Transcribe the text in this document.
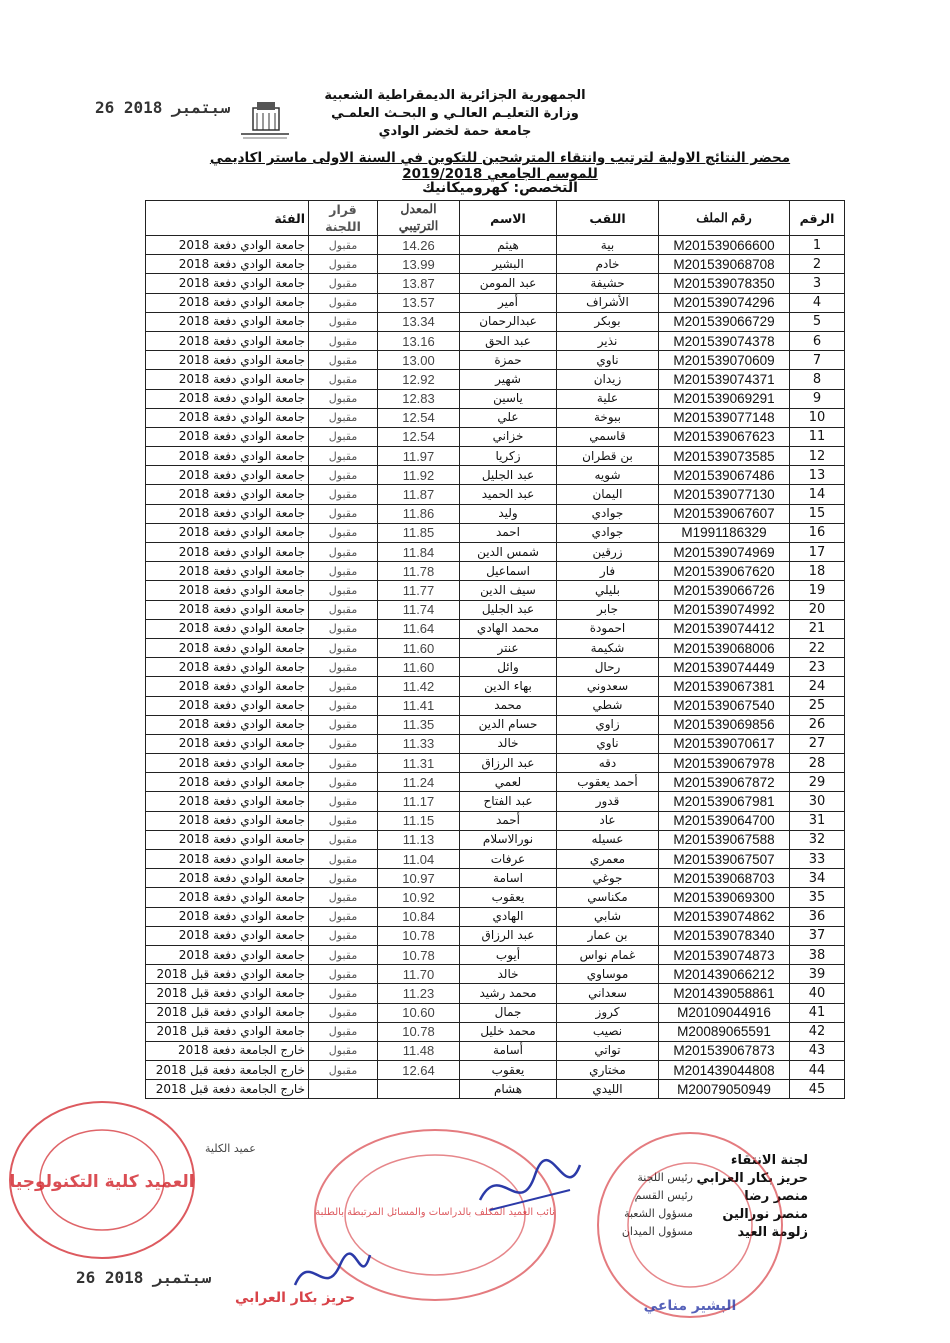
الجمهورية الجزائرية الديمقراطية الشعبية
وزارة التعليـم العالـي و البحـث العلمـي
جامعة حمة لخضر الوادي
26 سبتمبر 2018
محضر النتائج الاولية لترتيب وانتقاء المترشحين للتكوين في السنة الاولى ماستر اكاديمي للموسم الجامعي 2019/2018
التخصص: كهروميكانيك
الرقم	رقم الملف	اللقب	الاسم	المعدل الترتيبي	قرار اللجنة	الفئة
1	M201539066600	بية	هيثم	14.26	مقبول	جامعة الوادي دفعة 2018
2	M201539068708	خادم	البشير	13.99	مقبول	جامعة الوادي دفعة 2018
3	M201539078350	حشيفة	عبد المومن	13.87	مقبول	جامعة الوادي دفعة 2018
4	M201539074296	الأشراف	أمير	13.57	مقبول	جامعة الوادي دفعة 2018
5	M201539066729	بوبكر	عبدالرحمان	13.34	مقبول	جامعة الوادي دفعة 2018
6	M201539074378	نذير	عبد الحق	13.16	مقبول	جامعة الوادي دفعة 2018
7	M201539070609	ناوي	حمزة	13.00	مقبول	جامعة الوادي دفعة 2018
8	M201539074371	زيدان	شهير	12.92	مقبول	جامعة الوادي دفعة 2018
9	M201539069291	علية	ياسين	12.83	مقبول	جامعة الوادي دفعة 2018
10	M201539077148	ببوخة	علي	12.54	مقبول	جامعة الوادي دفعة 2018
11	M201539067623	قاسمي	خزاني	12.54	مقبول	جامعة الوادي دفعة 2018
12	M201539073585	بن قطران	زكريا	11.97	مقبول	جامعة الوادي دفعة 2018
13	M201539067486	شويه	عبد الجليل	11.92	مقبول	جامعة الوادي دفعة 2018
14	M201539077130	اليمان	عبد الحميد	11.87	مقبول	جامعة الوادي دفعة 2018
15	M201539067607	جوادي	وليد	11.86	مقبول	جامعة الوادي دفعة 2018
16	M1991186329	جوادي	احمد	11.85	مقبول	جامعة الوادي دفعة 2018
17	M201539074969	زرقين	شمس الدين	11.84	مقبول	جامعة الوادي دفعة 2018
18	M201539067620	فار	اسماعيل	11.78	مقبول	جامعة الوادي دفعة 2018
19	M201539066726	بليلي	سيف الدين	11.77	مقبول	جامعة الوادي دفعة 2018
20	M201539074992	جابر	عبد الجليل	11.74	مقبول	جامعة الوادي دفعة 2018
21	M201539074412	احمودة	محمد الهادي	11.64	مقبول	جامعة الوادي دفعة 2018
22	M201539068006	شكيمة	عنتر	11.60	مقبول	جامعة الوادي دفعة 2018
23	M201539074449	رحال	وائل	11.60	مقبول	جامعة الوادي دفعة 2018
24	M201539067381	سعدوني	بهاء الدين	11.42	مقبول	جامعة الوادي دفعة 2018
25	M201539067540	شطي	محمد	11.41	مقبول	جامعة الوادي دفعة 2018
26	M201539069856	زاوي	حسام الدين	11.35	مقبول	جامعة الوادي دفعة 2018
27	M201539070617	ناوي	خالد	11.33	مقبول	جامعة الوادي دفعة 2018
28	M201539067978	دقه	عبد الرزاق	11.31	مقبول	جامعة الوادي دفعة 2018
29	M201539067872	أحمد يعقوب	لعمي	11.24	مقبول	جامعة الوادي دفعة 2018
30	M201539067981	قدور	عبد الفتاح	11.17	مقبول	جامعة الوادي دفعة 2018
31	M201539064700	عاد	أحمد	11.15	مقبول	جامعة الوادي دفعة 2018
32	M201539067588	عسيله	نورالاسلام	11.13	مقبول	جامعة الوادي دفعة 2018
33	M201539067507	معمري	عرفات	11.04	مقبول	جامعة الوادي دفعة 2018
34	M201539068703	جوغي	اسامة	10.97	مقبول	جامعة الوادي دفعة 2018
35	M201539069300	مكناسي	يعقوب	10.92	مقبول	جامعة الوادي دفعة 2018
36	M201539074862	شابي	الهادي	10.84	مقبول	جامعة الوادي دفعة 2018
37	M201539078340	بن عمار	عبد الرزاق	10.78	مقبول	جامعة الوادي دفعة 2018
38	M201539074873	غمام نواس	أيوب	10.78	مقبول	جامعة الوادي دفعة 2018
39	M201439066212	موساوي	خالد	11.70	مقبول	جامعة الوادي دفعة قبل 2018
40	M201439058861	سعداني	محمد رشيد	11.23	مقبول	جامعة الوادي دفعة قبل 2018
41	M20109044916	كروز	جمال	10.60	مقبول	جامعة الوادي دفعة قبل 2018
42	M20089065591	نصيب	محمد خليل	10.78	مقبول	جامعة الوادي دفعة قبل 2018
43	M201539067873	تواتي	أسامة	11.48	مقبول	خارج الجامعة دفعة 2018
44	M201439044808	مختاري	يعقوب	12.64	مقبول	خارج الجامعة دفعة قبل 2018
45	M20079050949	الليدي	هشام			خارج الجامعة دفعة قبل 2018
عميد الكلية
لجنة الانتقاء
حريز بكار العرابي
رئيس اللجنة
منصر رضا
رئيس القسم
منصر نورالين
مسؤول الشعبة
زلومة العيد
مسؤول الميدان
العميد كلية التكنولوجيا
نائب العميد المكلف بالدراسات والمسائل المرتبطة بالطلبة
البشير مناعي
26 سبتمبر 2018
حريز بكار العرابي
